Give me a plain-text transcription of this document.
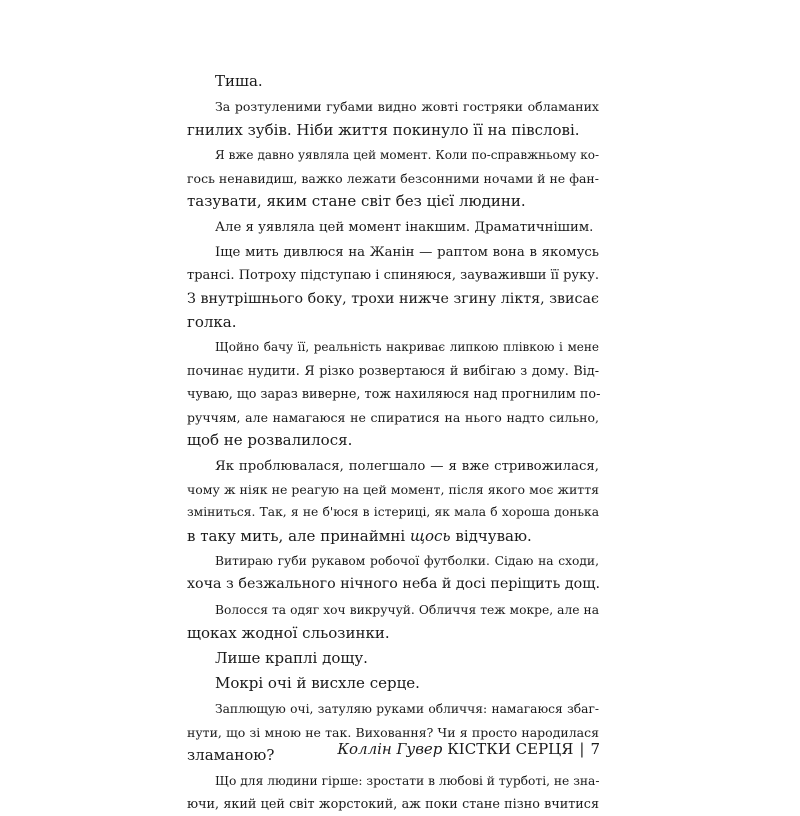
Тиша.
За розтуленими губами видно жовті гостряки обламаних
гнилих зубів. Ніби життя покинуло її на півслові.
Я вже давно уявляла цей момент. Коли по-справжньому ко-
гось ненавидиш, важко лежати безсонними ночами й не фан-
тазувати, яким стане світ без цієї людини.
Але я уявляла цей момент інакшим. Драматичнішим.
Іще мить дивлюся на Жанін — раптом вона в якомусь
трансі. Потроху підступаю і спиняюся, зауваживши її руку.
З внутрішнього боку, трохи нижче згину ліктя, звисає
голка.
Щойно бачу її, реальність накриває липкою плівкою і мене
починає нудити. Я різко розвертаюся й вибігаю з дому. Від-
чуваю, що зараз виверне, тож нахиляюся над прогнилим по-
руччям, але намагаюся не спиратися на нього надто сильно,
щоб не розвалилося.
Як проблювалася, полегшало — я вже стривожилася,
чому ж ніяк не реагую на цей момент, після якого моє життя
зміниться. Так, я не б'юся в істериці, як мала б хороша донька
в таку мить, але принаймні щось відчуваю.
Витираю губи рукавом робочої футболки. Сідаю на сходи,
хоча з безжального нічного неба й досі періщить дощ.
Волосся та одяг хоч викручуй. Обличчя теж мокре, але на
щоках жодної сльозинки.
Лише краплі дощу.
Мокрі очі й висхле серце.
Заплющую очі, затуляю руками обличчя: намагаюся збаг-
нути, що зі мною не так. Виховання? Чи я просто народилася
зламаною?
Що для людини гірше: зростати в любові й турботі, не зна-
ючи, який цей світ жорстокий, аж поки стане пізно вчитися
Коллін Гувер КІСТКИ СЕРЦЯ | 7
